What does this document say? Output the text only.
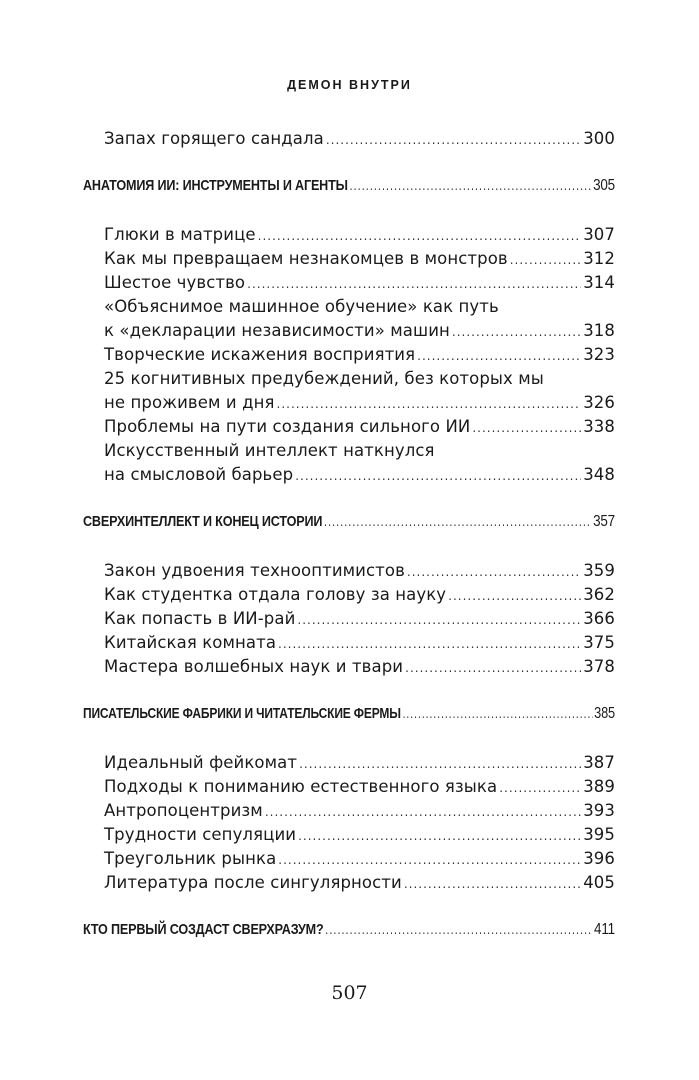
ДЕМОН ВНУТРИ
Запах горящего сандала .....	300
АНАТОМИЯ ИИ: ИНСТРУМЕНТЫ И АГЕНТЫ .....	305
Глюки в матрице .....	307
Как мы превращаем незнакомцев в монстров .....	312
Шестое чувство .....	314
«Объяснимое машинное обучение» как путь
к «декларации независимости» машин .....	318
Творческие искажения восприятия .....	323
25 когнитивных предубеждений, без которых мы
не проживем и дня .....	326
Проблемы на пути создания сильного ИИ .....	338
Искусственный интеллект наткнулся
на смысловой барьер .....	348
СВЕРХИНТЕЛЛЕКТ И КОНЕЦ ИСТОРИИ .....	357
Закон удвоения технооптимистов .....	359
Как студентка отдала голову за науку .....	362
Как попасть в ИИ-рай .....	366
Китайская комната .....	375
Мастера волшебных наук и твари .....	378
ПИСАТЕЛЬСКИЕ ФАБРИКИ И ЧИТАТЕЛЬСКИЕ ФЕРМЫ .....	385
Идеальный фейкомат .....	387
Подходы к пониманию естественного языка .....	389
Антропоцентризм .....	393
Трудности сепуляции .....	395
Треугольник рынка .....	396
Литература после сингулярности .....	405
КТО ПЕРВЫЙ СОЗДАСТ СВЕРХРАЗУМ? .....	411
507
